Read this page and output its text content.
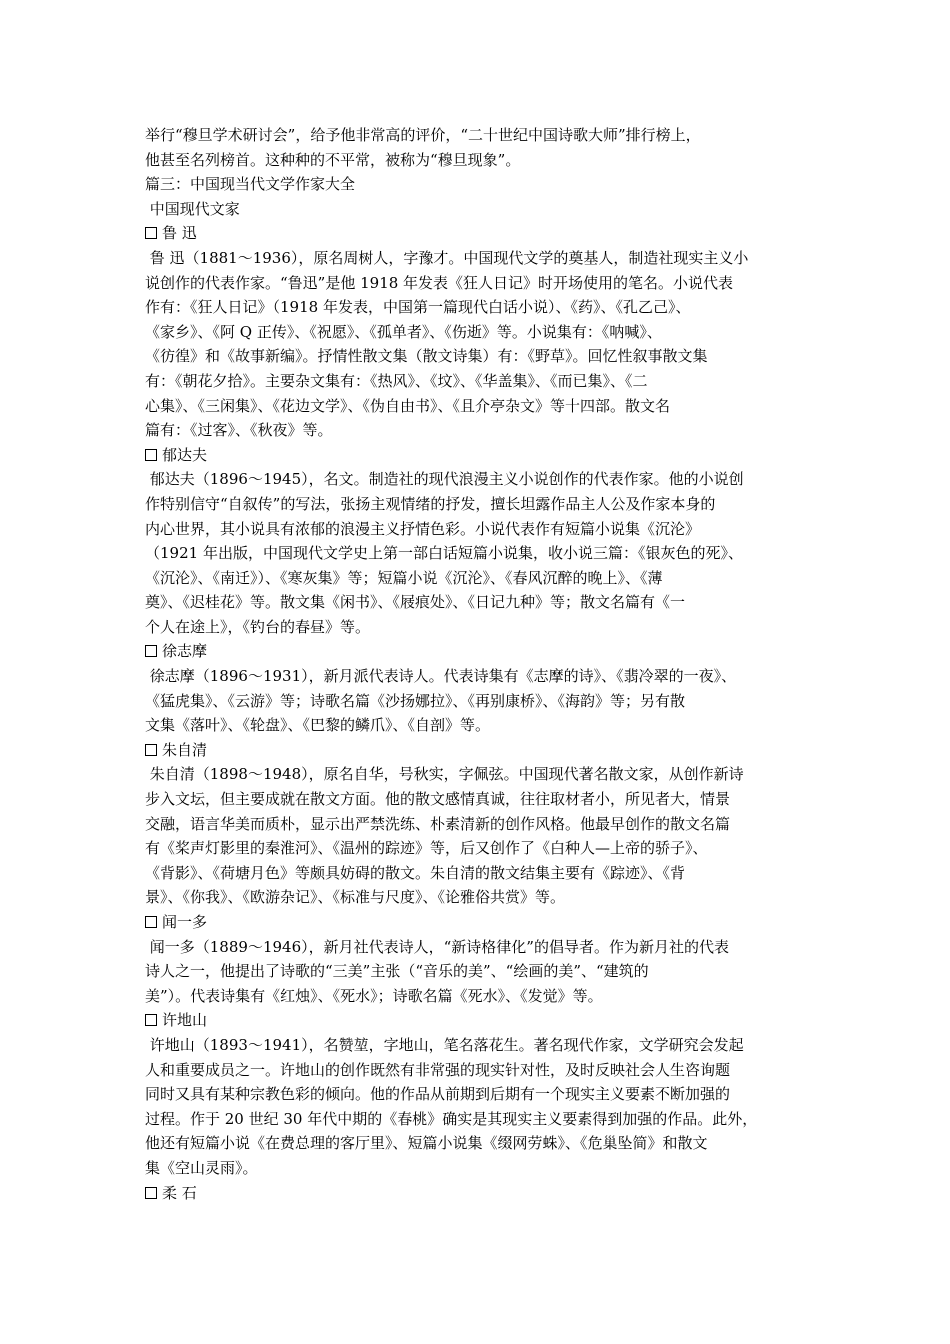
举行“穆旦学术研讨会”，给予他非常高的评价，“二十世纪中国诗歌大师”排行榜上，
他甚至名列榜首。这种种的不平常，被称为“穆旦现象”。
篇三：中国现当代文学作家大全
中国现代文家
鲁 迅
鲁 迅（1881～1936），原名周树人，字豫才。中国现代文学的奠基人，制造社现实主义小
说创作的代表作家。“鲁迅”是他 1918 年发表《狂人日记》时开场使用的笔名。小说代表
作有：《狂人日记》（1918 年发表，中国第一篇现代白话小说）、《药》、《孔乙己》、
《家乡》、《阿 Q 正传》、《祝愿》、《孤单者》、《伤逝》等。小说集有：《呐喊》、
《彷徨》和《故事新编》。抒情性散文集（散文诗集）有：《野草》。回忆性叙事散文集
有：《朝花夕拾》。主要杂文集有：《热风》、《坟》、《华盖集》、《而已集》、《二
心集》、《三闲集》、《花边文学》、《伪自由书》、《且介亭杂文》等十四部。散文名
篇有：《过客》、《秋夜》等。
郁达夫
郁达夫（1896～1945），名文。制造社的现代浪漫主义小说创作的代表作家。他的小说创
作特别信守“自叙传”的写法，张扬主观情绪的抒发，擅长坦露作品主人公及作家本身的
内心世界，其小说具有浓郁的浪漫主义抒情色彩。小说代表作有短篇小说集《沉沦》
（1921 年出版，中国现代文学史上第一部白话短篇小说集，收小说三篇：《银灰色的死》、
《沉沦》、《南迁》）、《寒灰集》等；短篇小说《沉沦》、《春风沉醉的晚上》、《薄
奠》、《迟桂花》等。散文集《闲书》、《屐痕处》、《日记九种》等；散文名篇有《一
个人在途上》，《钓台的春昼》等。
徐志摩
徐志摩（1896～1931），新月派代表诗人。代表诗集有《志摩的诗》、《翡冷翠的一夜》、
《猛虎集》、《云游》等；诗歌名篇《沙扬娜拉》、《再别康桥》、《海韵》等；另有散
文集《落叶》、《轮盘》、《巴黎的鳞爪》、《自剖》等。
朱自清
朱自清（1898～1948），原名自华，号秋实，字佩弦。中国现代著名散文家，从创作新诗
步入文坛，但主要成就在散文方面。他的散文感情真诚，往往取材者小，所见者大，情景
交融，语言华美而质朴，显示出严禁洗练、朴素清新的创作风格。他最早创作的散文名篇
有《桨声灯影里的秦淮河》、《温州的踪迹》等，后又创作了《白种人—上帝的骄子》、
《背影》、《荷塘月色》等颇具妨碍的散文。朱自清的散文结集主要有《踪迹》、《背
景》、《你我》、《欧游杂记》、《标准与尺度》、《论雅俗共赏》等。
闻一多
闻一多（1889～1946），新月社代表诗人，“新诗格律化”的倡导者。作为新月社的代表
诗人之一，他提出了诗歌的“三美”主张（“音乐的美”、“绘画的美”、“建筑的
美”）。代表诗集有《红烛》、《死水》；诗歌名篇《死水》、《发觉》等。
许地山
许地山（1893～1941），名赞堃，字地山，笔名落花生。著名现代作家，文学研究会发起
人和重要成员之一。许地山的创作既然有非常强的现实针对性，及时反映社会人生咨询题
同时又具有某种宗教色彩的倾向。他的作品从前期到后期有一个现实主义要素不断加强的
过程。作于 20 世纪 30 年代中期的《春桃》确实是其现实主义要素得到加强的作品。此外，
他还有短篇小说《在费总理的客厅里》、短篇小说集《缀网劳蛛》、《危巢坠简》和散文
集《空山灵雨》。
柔 石
